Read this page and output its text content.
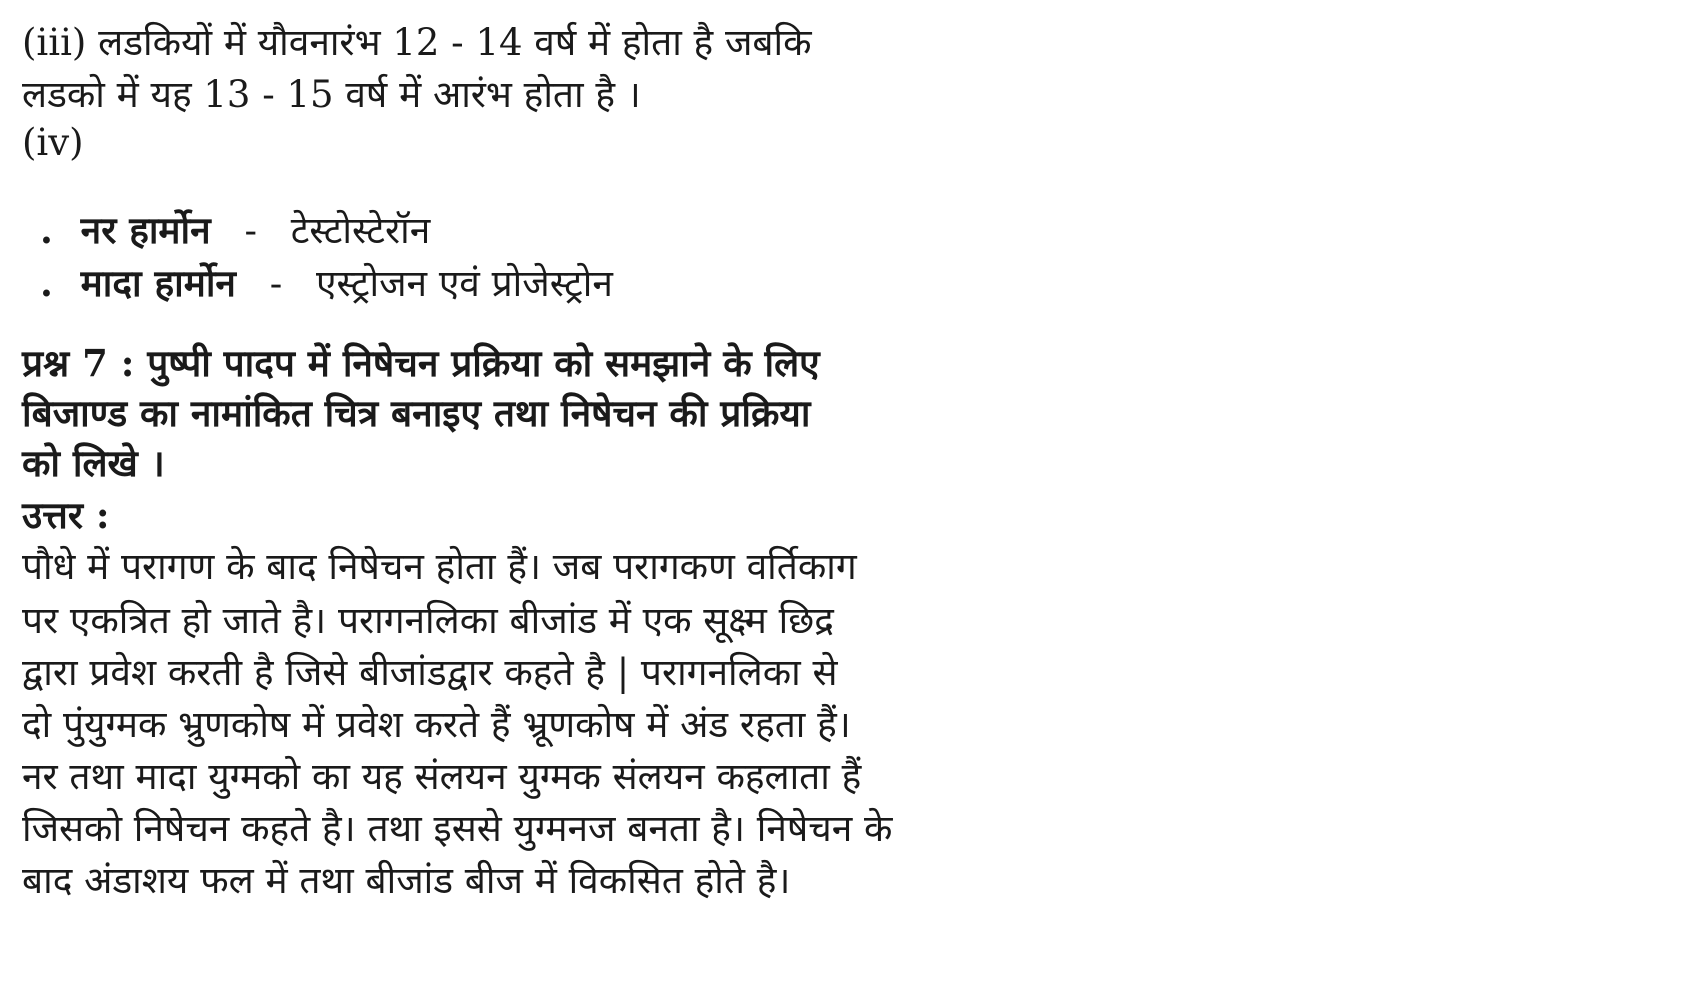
(iii) लडकियों में यौवनारंभ 12 - 14 वर्ष में होता है जबकि
लडको में यह 13 - 15 वर्ष में आरंभ होता है ।
(iv)
. नर हार्मोन - टेस्टोस्टेरॉन
. मादा हार्मोन - एस्ट्रोजन एवं प्रोजेस्ट्रोन
प्रश्न 7 : पुष्पी पादप में निषेचन प्रक्रिया को समझाने के लिए
बिजाण्ड का नामांकित चित्र बनाइए तथा निषेचन की प्रक्रिया
को लिखे ।
उत्तर :
पौधे में परागण के बाद निषेचन होता हैं। जब परागकण वर्तिकाग
पर एकत्रित हो जाते है। परागनलिका बीजांड में एक सूक्ष्म छिद्र
द्वारा प्रवेश करती है जिसे बीजांडद्वार कहते है | परागनलिका से
दो पुंयुग्मक भ्रुणकोष में प्रवेश करते हैं भ्रूणकोष में अंड रहता हैं।
नर तथा मादा युग्मको का यह संलयन युग्मक संलयन कहलाता हैं
जिसको निषेचन कहते है। तथा इससे युग्मनज बनता है। निषेचन के
बाद अंडाशय फल में तथा बीजांड बीज में विकसित होते है।
